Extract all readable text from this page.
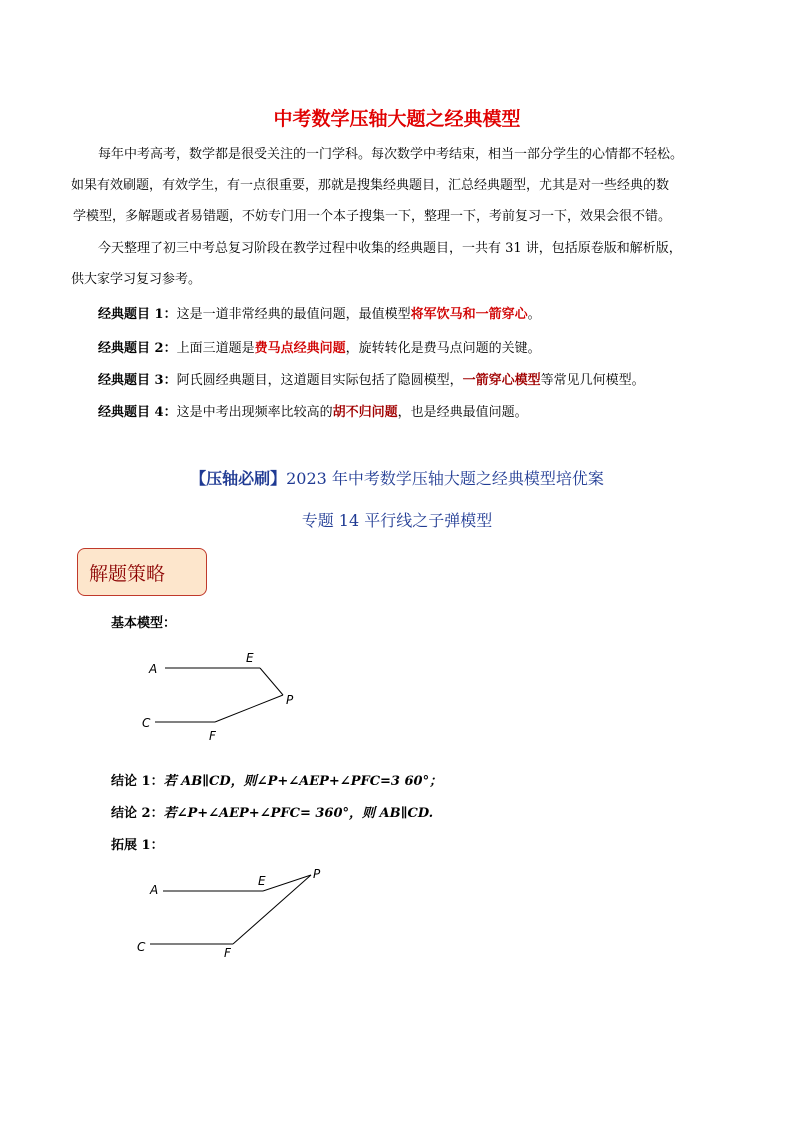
中考数学压轴大题之经典模型
每年中考高考，数学都是很受关注的一门学科。每次数学中考结束，相当一部分学生的心情都不轻松。
如果有效刷题，有效学生，有一点很重要，那就是搜集经典题目，汇总经典题型，尤其是对一些经典的数
学模型，多解题或者易错题，不妨专门用一个本子搜集一下，整理一下，考前复习一下，效果会很不错。
今天整理了初三中考总复习阶段在教学过程中收集的经典题目，一共有 31 讲，包括原卷版和解析版，
供大家学习复习参考。
经典题目 1：这是一道非常经典的最值问题，最值模型将军饮马和一箭穿心。
经典题目 2：上面三道题是费马点经典问题，旋转转化是费马点问题的关键。
经典题目 3：阿氏圆经典题目，这道题目实际包括了隐圆模型，一箭穿心模型等常见几何模型。
经典题目 4：这是中考出现频率比较高的胡不归问题，也是经典最值问题。
【压轴必刷】2023 年中考数学压轴大题之经典模型培优案
专题 14 平行线之子弹模型
解题策略
基本模型：
A
E
P
C
F
A
E	P
C	F
结论 1：若 AB∥CD，则∠P+∠AEP+∠PFC=3 60°；
结论 2：若∠P+∠AEP+∠PFC= 360°，则 AB∥CD.
拓展 1：
